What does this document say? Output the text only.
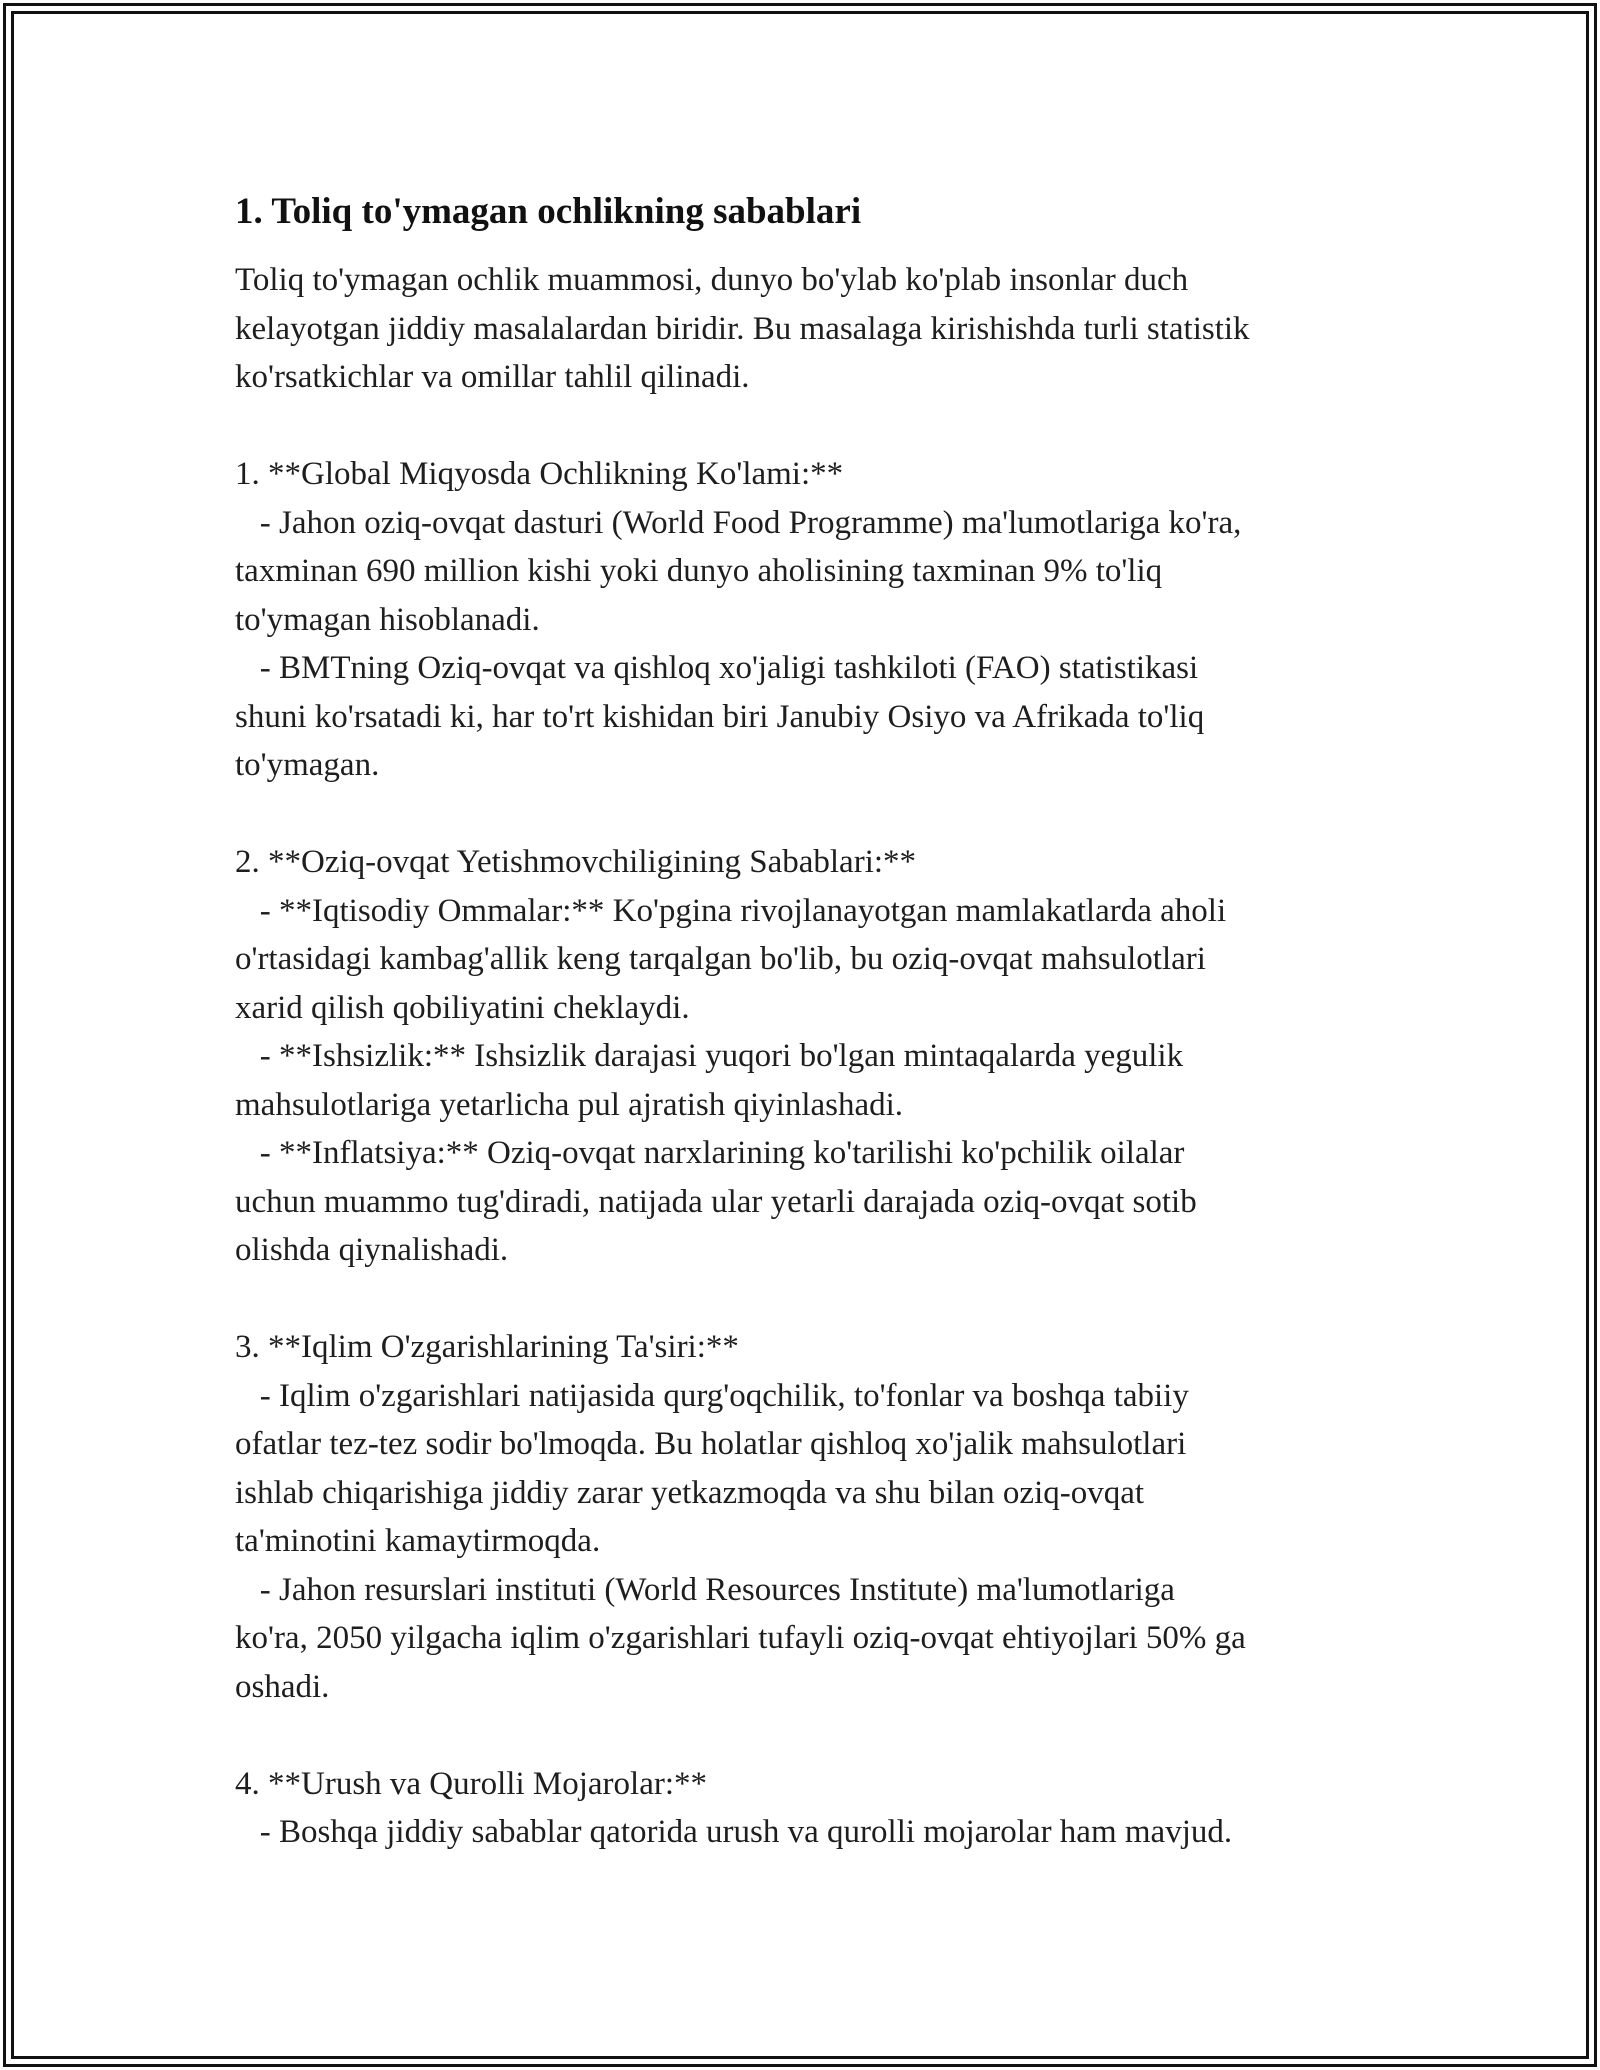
1. Toliq to'ymagan ochlikning sabablari
Toliq to'ymagan ochlik muammosi, dunyo bo'ylab ko'plab insonlar duch
kelayotgan jiddiy masalalardan biridir. Bu masalaga kirishishda turli statistik
ko'rsatkichlar va omillar tahlil qilinadi.

1. **Global Miqyosda Ochlikning Ko'lami:**
- Jahon oziq-ovqat dasturi (World Food Programme) ma'lumotlariga ko'ra,
taxminan 690 million kishi yoki dunyo aholisining taxminan 9% to'liq
to'ymagan hisoblanadi.
- BMTning Oziq-ovqat va qishloq xo'jaligi tashkiloti (FAO) statistikasi
shuni ko'rsatadi ki, har to'rt kishidan biri Janubiy Osiyo va Afrikada to'liq
to'ymagan.

2. **Oziq-ovqat Yetishmovchiligining Sabablari:**
- **Iqtisodiy Ommalar:** Ko'pgina rivojlanayotgan mamlakatlarda aholi
o'rtasidagi kambag'allik keng tarqalgan bo'lib, bu oziq-ovqat mahsulotlari
xarid qilish qobiliyatini cheklaydi.
- **Ishsizlik:** Ishsizlik darajasi yuqori bo'lgan mintaqalarda yegulik
mahsulotlariga yetarlicha pul ajratish qiyinlashadi.
- **Inflatsiya:** Oziq-ovqat narxlarining ko'tarilishi ko'pchilik oilalar
uchun muammo tug'diradi, natijada ular yetarli darajada oziq-ovqat sotib
olishda qiynalishadi.

3. **Iqlim O'zgarishlarining Ta'siri:**
- Iqlim o'zgarishlari natijasida qurg'oqchilik, to'fonlar va boshqa tabiiy
ofatlar tez-tez sodir bo'lmoqda. Bu holatlar qishloq xo'jalik mahsulotlari
ishlab chiqarishiga jiddiy zarar yetkazmoqda va shu bilan oziq-ovqat
ta'minotini kamaytirmoqda.
- Jahon resurslari instituti (World Resources Institute) ma'lumotlariga
ko'ra, 2050 yilgacha iqlim o'zgarishlari tufayli oziq-ovqat ehtiyojlari 50% ga
oshadi.

4. **Urush va Qurolli Mojarolar:**
- Boshqa jiddiy sabablar qatorida urush va qurolli mojarolar ham mavjud.
